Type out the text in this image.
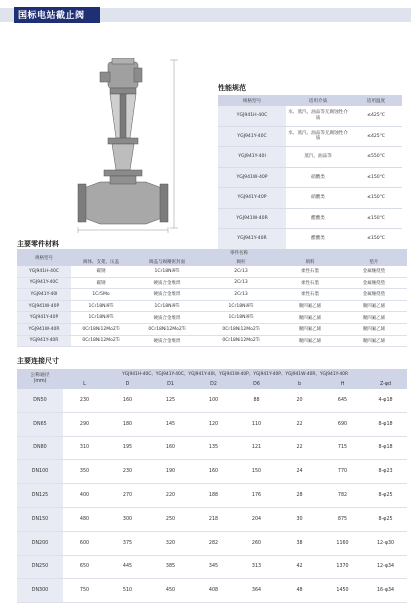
国标电站截止阀
性能规范
规格型号	适用介质	适用温度
YGJ941H-40C	水、蒸汽、油品等无腐蚀性介质	≤425℃
YGJ941Y-40C	水、蒸汽、油品等无腐蚀性介质	≤425℃
YGJ941Y-40I	蒸汽、油品等	≤550℃
YGJ941W-40P	硝酸类	≤150℃
YGJ941Y-40P	硝酸类	≤150℃
YGJ941W-40R	醋酸类	≤150℃
YGJ941Y-40R	醋酸类	≤150℃
主要零件材料
规格型号	零件名称				
	阀体、支架、压盖	阀盖与阀瓣密封面	阀杆	填料	垫片
YGJ941H-40C	碳钢	1Cr18Ni9Ti	2Cr13	柔性石墨	金属缠绕垫
YGJ941Y-40C	碳钢	硬质合金堆焊	2Cr13	柔性石墨	金属缠绕垫
YGJ941Y-40I	1Cr5Mo	硬质合金堆焊	2Cr13	柔性石墨	金属缠绕垫
YGJ941W-40P	1Cr18Ni9Ti	1Cr18Ni9Ti	1Cr18Ni9Ti	聚四氟乙烯	聚四氟乙烯
YGJ941Y-40P	1Cr18Ni9Ti	硬质合金堆焊	1Cr18Ni9Ti	聚四氟乙烯	聚四氟乙烯
YGJ941W-40R	0Cr18Ni12Mo2Ti	0Cr18Ni12Mo2Ti	0Cr18Ni12Mo2Ti	聚四氟乙烯	聚四氟乙烯
YGJ941Y-40R	0Cr18Ni12Mo2Ti	硬质合金堆焊	0Cr18Ni12Mo2Ti	聚四氟乙烯	聚四氟乙烯
主要连接尺寸
公称通径
(mm)	YGJ941H-40C、YGJ941Y-40C、YGJ941Y-40I、YGJ941W-40P、YGJ941Y-40P、YGJ941W-40R、YGJ941Y-40R							
	L	D	D1	D2	D6	b	H	Z-φd
DN50	230	160	125	100	88	20	645	4-φ18
DN65	290	180	145	120	110	22	690	8-φ18
DN80	310	195	160	135	121	22	715	8-φ18
DN100	350	230	190	160	150	24	770	8-φ23
DN125	400	270	220	188	176	28	782	8-φ25
DN150	480	300	250	218	204	30	875	8-φ25
DN200	600	375	320	282	260	38	1160	12-φ30
DN250	650	445	385	345	313	42	1370	12-φ34
DN300	750	510	450	408	364	48	1450	16-φ34
